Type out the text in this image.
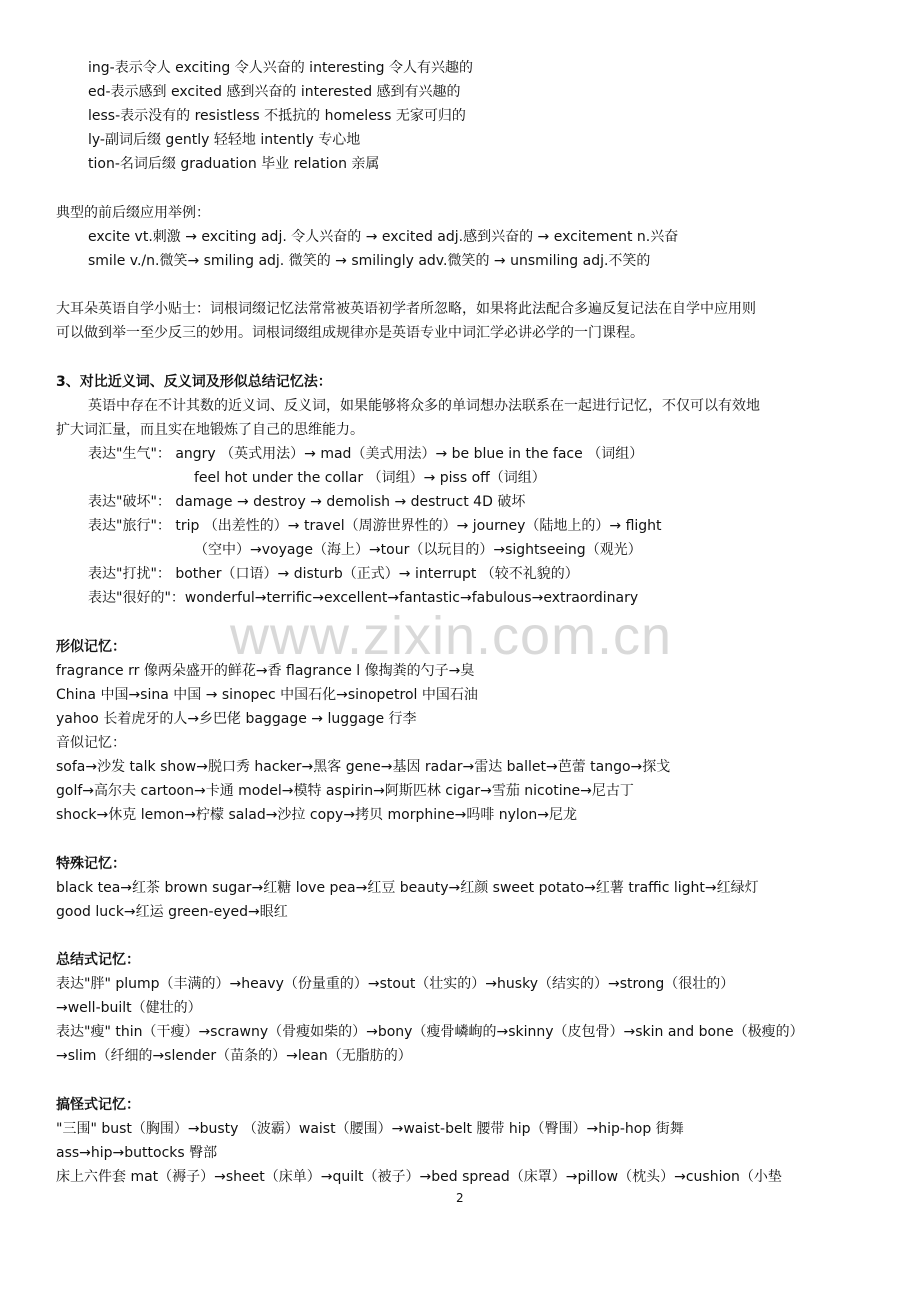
www.zixin.com.cn
ing-表示令人 exciting 令人兴奋的 interesting 令人有兴趣的
ed-表示感到 excited 感到兴奋的 interested 感到有兴趣的
less-表示没有的 resistless 不抵抗的 homeless 无家可归的
ly-副词后缀 gently 轻轻地 intently 专心地
tion-名词后缀 graduation 毕业 relation 亲属
典型的前后缀应用举例：
excite vt.刺激 → exciting adj. 令人兴奋的 → excited adj.感到兴奋的 → excitement n.兴奋
smile v./n.微笑→ smiling adj. 微笑的 → smilingly adv.微笑的 → unsmiling adj.不笑的
大耳朵英语自学小贴士：词根词缀记忆法常常被英语初学者所忽略，如果将此法配合多遍反复记法在自学中应用则
可以做到举一至少反三的妙用。词根词缀组成规律亦是英语专业中词汇学必讲必学的一门课程。
3、对比近义词、反义词及形似总结记忆法：
英语中存在不计其数的近义词、反义词，如果能够将众多的单词想办法联系在一起进行记忆，不仅可以有效地
扩大词汇量，而且实在地锻炼了自己的思维能力。
表达"生气"： angry （英式用法）→ mad（美式用法）→ be blue in the face （词组）
feel hot under the collar （词组）→ piss off（词组）
表达"破坏"： damage → destroy → demolish → destruct 4D 破坏
表达"旅行"： trip （出差性的）→ travel（周游世界性的）→ journey（陆地上的）→ flight
（空中）→voyage（海上）→tour（以玩目的）→sightseeing（观光）
表达"打扰"： bother（口语）→ disturb（正式）→ interrupt （较不礼貌的）
表达"很好的"：wonderful→terrific→excellent→fantastic→fabulous→extraordinary
形似记忆：
fragrance rr 像两朵盛开的鲜花→香 flagrance l 像掏粪的勺子→臭
China 中国→sina 中国 → sinopec 中国石化→sinopetrol 中国石油
yahoo 长着虎牙的人→乡巴佬 baggage → luggage 行李
音似记忆：
sofa→沙发 talk show→脱口秀 hacker→黑客 gene→基因 radar→雷达 ballet→芭蕾 tango→探戈
golf→高尔夫 cartoon→卡通 model→模特 aspirin→阿斯匹林 cigar→雪茄 nicotine→尼古丁
shock→休克 lemon→柠檬 salad→沙拉 copy→拷贝 morphine→吗啡 nylon→尼龙
特殊记忆：
black tea→红茶 brown sugar→红糖 love pea→红豆 beauty→红颜 sweet potato→红薯 traffic light→红绿灯
good luck→红运 green-eyed→眼红
总结式记忆：
表达"胖" plump（丰满的）→heavy（份量重的）→stout（壮实的）→husky（结实的）→strong（很壮的）
→well-built（健壮的）
表达"瘦" thin（干瘦）→scrawny（骨瘦如柴的）→bony（瘦骨嶙峋的→skinny（皮包骨）→skin and bone（极瘦的）
→slim（纤细的→slender（苗条的）→lean（无脂肪的）
搞怪式记忆：
"三围" bust（胸围）→busty （波霸）waist（腰围）→waist-belt 腰带 hip（臀围）→hip-hop 街舞
ass→hip→buttocks 臀部
床上六件套 mat（褥子）→sheet（床单）→quilt（被子）→bed spread（床罩）→pillow（枕头）→cushion（小垫
2
